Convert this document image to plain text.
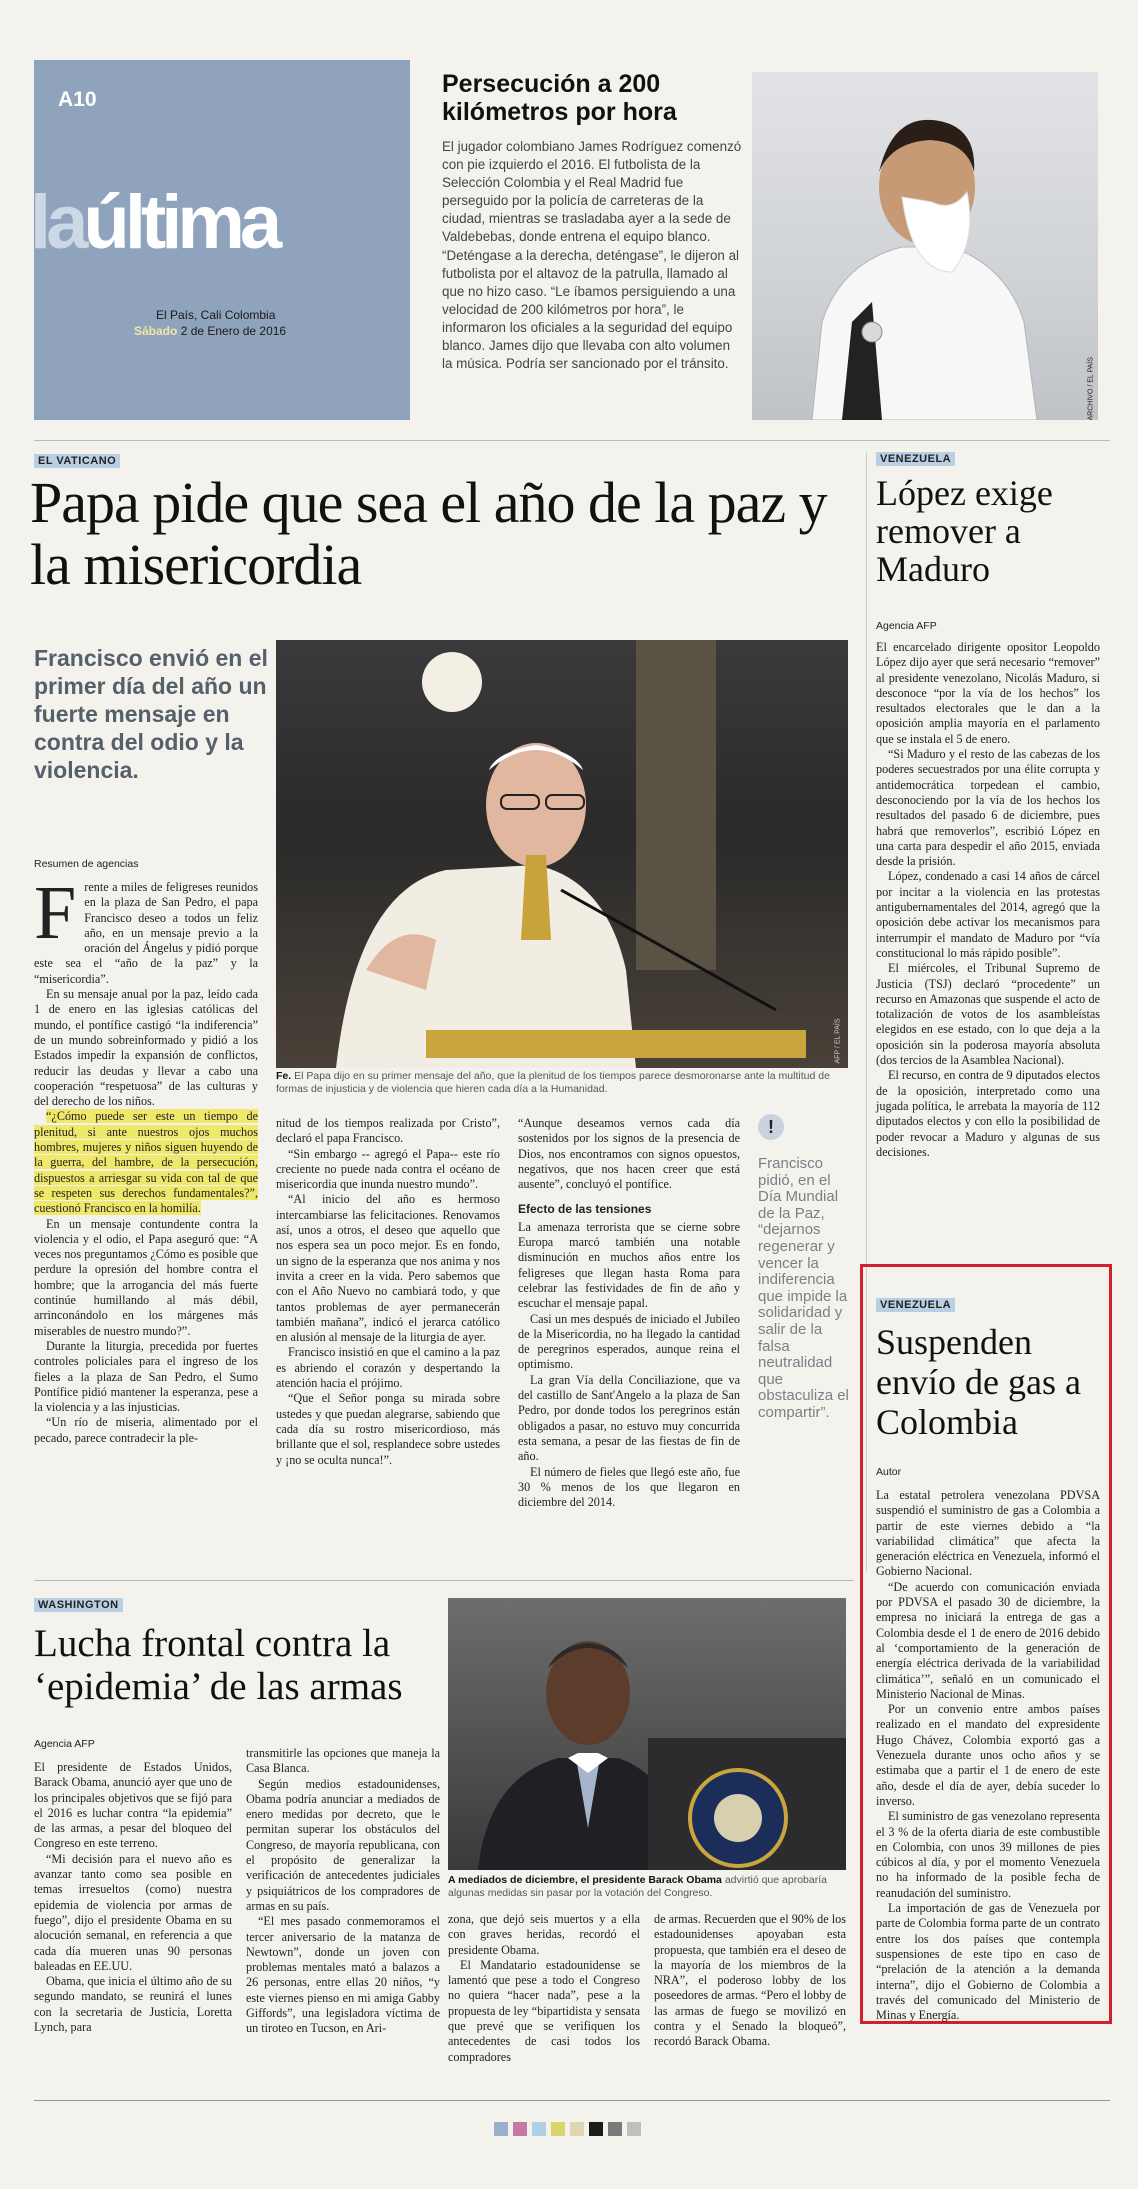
A10
laúltima
El País, Cali Colombia
Sábado 2 de Enero de 2016
Persecución a 200 kilómetros por hora
El jugador colombiano James Rodríguez comenzó con pie izquierdo el 2016. El futbolista de la Selección Colombia y el Real Madrid fue perseguido por la policía de carreteras de la ciudad, mientras se trasladaba ayer a la sede de Valdebebas, donde entrena el equipo blanco. “Deténgase a la derecha, deténgase”, le dijeron al futbolista por el altavoz de la patrulla, llamado al que no hizo caso. “Le íbamos persiguiendo a una velocidad de 200 kilómetros por hora”, le informaron los oficiales a la seguridad del equipo blanco. James dijo que llevaba con alto volumen la música. Podría ser sancionado por el tránsito.	ARCHIVO / EL PAÍS
EL VATICANO
Papa pide que sea el año de la paz y la misericordia
Francisco envió en el primer día del año un fuerte mensaje en contra del odio y la violencia.
Resumen de agencias
AFP / EL PAÍS
Fe. El Papa dijo en su primer mensaje del año, que la plenitud de los tiempos parece desmoronarse ante la multitud de formas de injusticia y de violencia que hieren cada día a la Humanidad.

Frente a miles de feligreses reunidos en la plaza de San Pedro, el papa Francisco deseo a todos un feliz año, en un mensaje previo a la oración del Ángelus y pidió porque este sea el “año de la paz” y la “misericordia”.

En su mensaje anual por la paz, leído cada 1 de enero en las iglesias católicas del mundo, el pontífice castigó “la indiferencia” de un mundo sobreinformado y pidió a los Estados impedir la expansión de conflictos, reducir las deudas y llevar a cabo una cooperación “respetuosa” de las culturas y del derecho de los niños.

“¿Cómo puede ser este un tiempo de plenitud, si ante nuestros ojos muchos hombres, mujeres y niños siguen huyendo de la guerra, del hambre, de la persecución, dispuestos a arriesgar su vida con tal de que se respeten sus derechos fundamentales?”, cuestionó Francisco en la homilía.

En un mensaje contundente contra la violencia y el odio, el Papa aseguró que: “A veces nos preguntamos ¿Cómo es posible que perdure la opresión del hombre contra el hombre; que la arrogancia del más fuerte continúe humillando al más débil, arrinconándolo en los márgenes más miserables de nuestro mundo?”.

Durante la liturgia, precedida por fuertes controles policiales para el ingreso de los fieles a la plaza de San Pedro, el Sumo Pontífice pidió mantener la esperanza, pese a la violencia y a las injusticias.

“Un río de miseria, alimentado por el pecado, parece contradecir la ple-

nitud de los tiempos realizada por Cristo”, declaró el papa Francisco.

“Sin embargo -- agregó el Papa-- este río creciente no puede nada contra el océano de misericordia que inunda nuestro mundo”.

“Al inicio del año es hermoso intercambiarse las felicitaciones. Renovamos así, unos a otros, el deseo que aquello que nos espera sea un poco mejor. Es en fondo, un signo de la esperanza que nos anima y nos invita a creer en la vida. Pero sabemos que con el Año Nuevo no cambiará todo, y que tantos problemas de ayer permanecerán también mañana”, indicó el jerarca católico en alusión al mensaje de la liturgia de ayer.

Francisco insistió en que el camino a la paz es abriendo el corazón y despertando la atención hacia el prójimo.

“Que el Señor ponga su mirada sobre ustedes y que puedan alegrarse, sabiendo que cada día su rostro misericordioso, más brillante que el sol, resplandece sobre ustedes y ¡no se oculta nunca!”.

“Aunque deseamos vernos cada día sostenidos por los signos de la presencia de Dios, nos encontramos con signos opuestos, negativos, que nos hacen creer que está ausente”, concluyó el pontífice.

Efecto de las tensiones

La amenaza terrorista que se cierne sobre Europa marcó también una notable disminución en muchos años entre los feligreses que llegan hasta Roma para celebrar las festividades de fin de año y escuchar el mensaje papal.

Casi un mes después de iniciado el Jubileo de la Misericordia, no ha llegado la cantidad de peregrinos esperados, aunque reina el optimismo.

La gran Vía della Conciliazione, que va del castillo de Sant'Angelo a la plaza de San Pedro, por donde todos los peregrinos están obligados a pasar, no estuvo muy concurrida esta semana, a pesar de las fiestas de fin de año.

El número de fieles que llegó este año, fue 30 % menos de los que llegaron en diciembre del 2014.

!
Francisco pidió, en el Día Mundial de la Paz, “dejarnos regenerar y vencer la indiferencia que impide la solidaridad y salir de la falsa neutralidad que obstaculiza el compartir”.
VENEZUELA
López exige remover a Maduro
Agencia AFP

El encarcelado dirigente opositor Leopoldo López dijo ayer que será necesario “remover” al presidente venezolano, Nicolás Maduro, si desconoce “por la vía de los hechos” los resultados electorales que le dan a la oposición amplia mayoría en el parlamento que se instala el 5 de enero.

“Si Maduro y el resto de las cabezas de los poderes secuestrados por una élite corrupta y antidemocrática torpedean el cambio, desconociendo por la vía de los hechos los resultados del pasado 6 de diciembre, pues habrá que removerlos”, escribió López en una carta para despedir el año 2015, enviada desde la prisión.

López, condenado a casi 14 años de cárcel por incitar a la violencia en las protestas antigubernamentales del 2014, agregó que la oposición debe activar los mecanismos para interrumpir el mandato de Maduro por “vía constitucional lo más rápido posible”.

El miércoles, el Tribunal Supremo de Justicia (TSJ) declaró “procedente” un recurso en Amazonas que suspende el acto de totalización de votos de los asambleístas elegidos en ese estado, con lo que deja a la oposición sin la poderosa mayoría absoluta (dos tercios de la Asamblea Nacional).

El recurso, en contra de 9 diputados electos de la oposición, interpretado como una jugada política, le arrebata la mayoría de 112 diputados electos y con ello la posibilidad de poder revocar a Maduro y algunas de sus decisiones.

VENEZUELA
Suspenden envío de gas a Colombia
Autor

La estatal petrolera venezolana PDVSA suspendió el suministro de gas a Colombia a partir de este viernes debido a “la variabilidad climática” que afecta la generación eléctrica en Venezuela, informó el Gobierno Nacional.

“De acuerdo con comunicación enviada por PDVSA el pasado 30 de diciembre, la empresa no iniciará la entrega de gas a Colombia desde el 1 de enero de 2016 debido al ‘comportamiento de la generación de energía eléctrica derivada de la variabilidad climática’”, señaló en un comunicado el Ministerio Nacional de Minas.

Por un convenio entre ambos países realizado en el mandato del expresidente Hugo Chávez, Colombia exportó gas a Venezuela durante unos ocho años y se estimaba que a partir el 1 de enero de este año, desde el día de ayer, debía suceder lo inverso.

El suministro de gas venezolano representa el 3 % de la oferta diaria de este combustible en Colombia, con unos 39 millones de pies cúbicos al día, y por el momento Venezuela no ha informado de la posible fecha de reanudación del suministro.

La importación de gas de Venezuela por parte de Colombia forma parte de un contrato entre los dos países que contempla suspensiones de este tipo en caso de “prelación de la atención a la demanda interna”, dijo el Gobierno de Colombia a través del comunicado del Ministerio de Minas y Energía.

WASHINGTON
Lucha frontal contra la ‘epidemia’ de las armas
Agencia AFP
A mediados de diciembre, el presidente Barack Obama advirtió que aprobaría algunas medidas sin pasar por la votación del Congreso.

El presidente de Estados Unidos, Barack Obama, anunció ayer que uno de los principales objetivos que se fijó para el 2016 es luchar contra “la epidemia” de las armas, a pesar del bloqueo del Congreso en este terreno.

“Mi decisión para el nuevo año es avanzar tanto como sea posible en temas irresueltos (como) nuestra epidemia de violencia por armas de fuego”, dijo el presidente Obama en su alocución semanal, en referencia a que cada día mueren unas 90 personas baleadas en EE.UU.

Obama, que inicia el último año de su segundo mandato, se reunirá el lunes con la secretaria de Justicia, Loretta Lynch, para

transmitirle las opciones que maneja la Casa Blanca.

Según medios estadounidenses, Obama podría anunciar a mediados de enero medidas por decreto, que le permitan superar los obstáculos del Congreso, de mayoría republicana, con el propósito de generalizar la verificación de antecedentes judiciales y psiquiátricos de los compradores de armas en su país.

“El mes pasado conmemoramos el tercer aniversario de la matanza de Newtown”, donde un joven con problemas mentales mató a balazos a 26 personas, entre ellas 20 niños, “y este viernes pienso en mi amiga Gabby Giffords”, una legisladora víctima de un tiroteo en Tucson, en Ari-

zona, que dejó seis muertos y a ella con graves heridas, recordó el presidente Obama.

El Mandatario estadounidense se lamentó que pese a todo el Congreso no quiera “hacer nada”, pese a la propuesta de ley “bipartidista y sensata que prevé que se verifiquen los antecedentes de casi todos los compradores

de armas. Recuerden que el 90% de los estadounidenses apoyaban esta propuesta, que también era el deseo de la mayoría de los miembros de la NRA”, el poderoso lobby de los poseedores de armas. “Pero el lobby de las armas de fuego se movilizó en contra y el Senado la bloqueó”, recordó Barack Obama.
